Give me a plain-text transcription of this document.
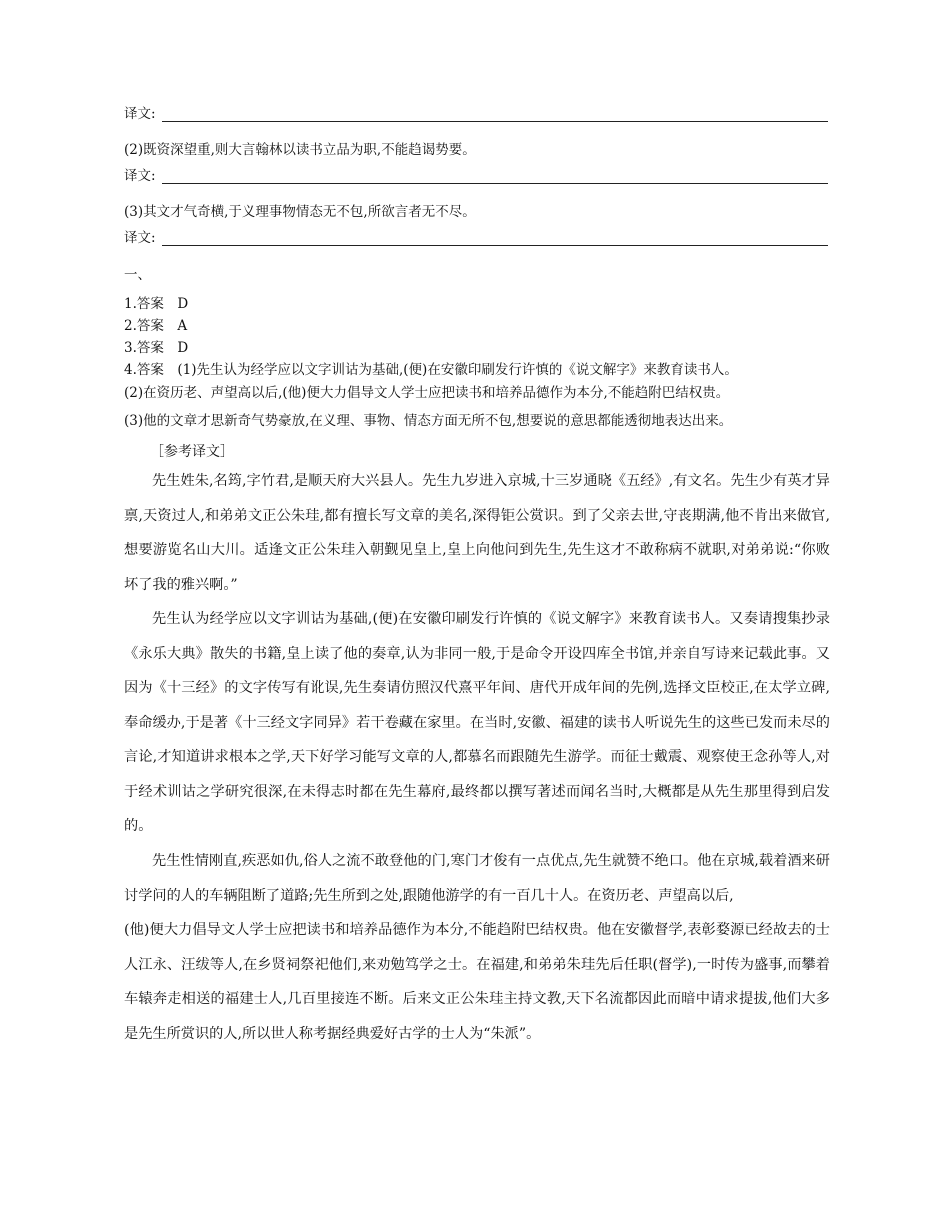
译文:
(2)既资深望重,则大言翰林以读书立品为职,不能趋谒势要。
译文:
(3)其文才气奇横,于义理事物情态无不包,所欲言者无不尽。
译文:
一、
1.答案　D
2.答案　A
3.答案　D
4.答案　(1)先生认为经学应以文字训诂为基础,(便)在安徽印刷发行许慎的《说文解字》来教育读书人。
(2)在资历老、声望高以后,(他)便大力倡导文人学士应把读书和培养品德作为本分,不能趋附巴结权贵。
(3)他的文章才思新奇气势豪放,在义理、事物、情态方面无所不包,想要说的意思都能透彻地表达出来。
［参考译文］

先生姓朱,名筠,字竹君,是顺天府大兴县人。先生九岁进入京城,十三岁通晓《五经》,有文名。先生少有英才异禀,天资过人,和弟弟文正公朱珪,都有擅长写文章的美名,深得钜公赏识。到了父亲去世,守丧期满,他不肯出来做官,想要游览名山大川。适逢文正公朱珪入朝觐见皇上,皇上向他问到先生,先生这才不敢称病不就职,对弟弟说:“你败坏了我的雅兴啊。”

先生认为经学应以文字训诂为基础,(便)在安徽印刷发行许慎的《说文解字》来教育读书人。又奏请搜集抄录《永乐大典》散失的书籍,皇上读了他的奏章,认为非同一般,于是命令开设四库全书馆,并亲自写诗来记载此事。又因为《十三经》的文字传写有讹误,先生奏请仿照汉代熹平年间、唐代开成年间的先例,选择文臣校正,在太学立碑,奉命缓办,于是著《十三经文字同异》若干卷藏在家里。在当时,安徽、福建的读书人听说先生的这些已发而未尽的言论,才知道讲求根本之学,天下好学习能写文章的人,都慕名而跟随先生游学。而征士戴震、观察使王念孙等人,对于经术训诂之学研究很深,在未得志时都在先生幕府,最终都以撰写著述而闻名当时,大概都是从先生那里得到启发的。

先生性情刚直,疾恶如仇,俗人之流不敢登他的门,寒门才俊有一点优点,先生就赞不绝口。他在京城,载着酒来研讨学问的人的车辆阻断了道路;先生所到之处,跟随他游学的有一百几十人。在资历老、声望高以后,

(他)便大力倡导文人学士应把读书和培养品德作为本分,不能趋附巴结权贵。他在安徽督学,表彰婺源已经故去的士人江永、汪绂等人,在乡贤祠祭祀他们,来劝勉笃学之士。在福建,和弟弟朱珪先后任职(督学),一时传为盛事,而攀着车辕奔走相送的福建士人,几百里接连不断。后来文正公朱珪主持文教,天下名流都因此而暗中请求提拔,他们大多是先生所赏识的人,所以世人称考据经典爱好古学的士人为“朱派”。
